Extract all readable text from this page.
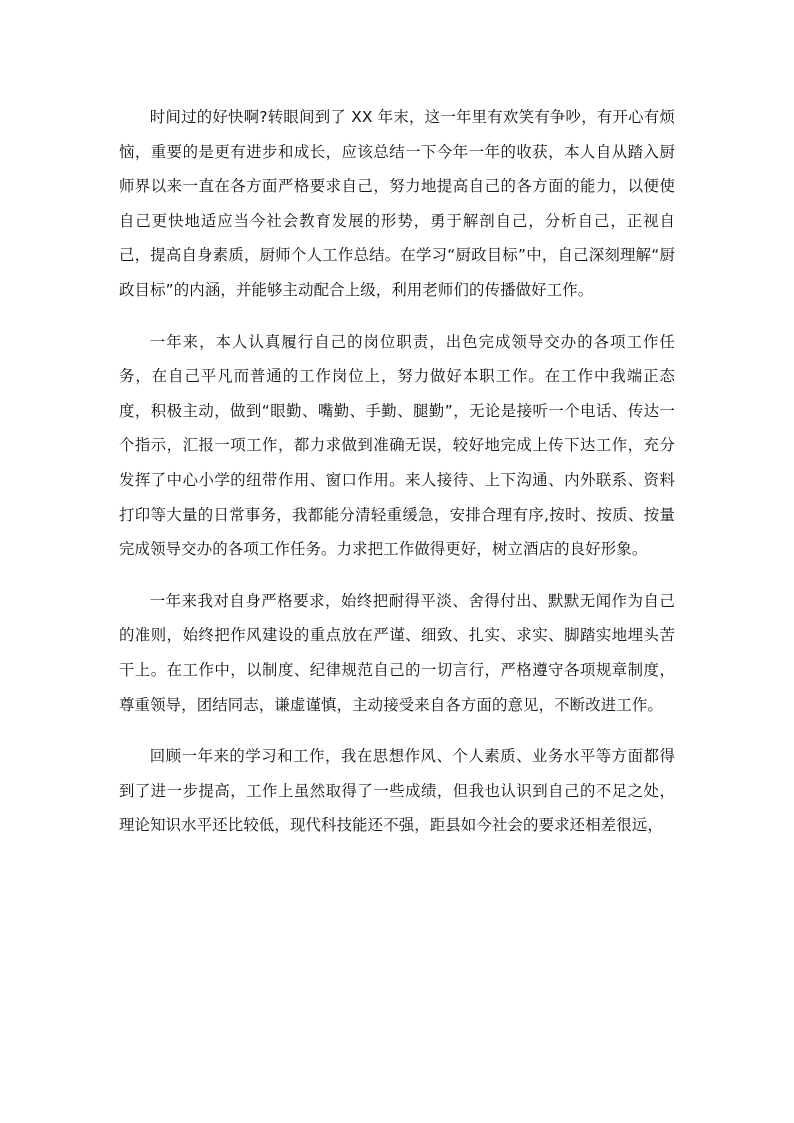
时间过的好快啊?转眼间到了 XX 年末，这一年里有欢笑有争吵，有开心有烦恼，重要的是更有进步和成长，应该总结一下今年一年的收获，本人自从踏入厨师界以来一直在各方面严格要求自己，努力地提高自己的各方面的能力，以便使自己更快地适应当今社会教育发展的形势，勇于解剖自己，分析自己，正视自己，提高自身素质，厨师个人工作总结。在学习“厨政目标”中，自己深刻理解“厨政目标”的内涵，并能够主动配合上级，利用老师们的传播做好工作。

一年来，本人认真履行自己的岗位职责，出色完成领导交办的各项工作任务，在自己平凡而普通的工作岗位上，努力做好本职工作。在工作中我端正态度，积极主动，做到“眼勤、嘴勤、手勤、腿勤”，无论是接听一个电话、传达一个指示，汇报一项工作，都力求做到准确无误，较好地完成上传下达工作，充分发挥了中心小学的纽带作用、窗口作用。来人接待、上下沟通、内外联系、资料打印等大量的日常事务，我都能分清轻重缓急，安排合理有序,按时、按质、按量完成领导交办的各项工作任务。力求把工作做得更好，树立酒店的良好形象。

一年来我对自身严格要求，始终把耐得平淡、舍得付出、默默无闻作为自己的准则，始终把作风建设的重点放在严谨、细致、扎实、求实、脚踏实地埋头苦干上。在工作中，以制度、纪律规范自己的一切言行，严格遵守各项规章制度，尊重领导，团结同志，谦虚谨慎，主动接受来自各方面的意见，不断改进工作。

回顾一年来的学习和工作，我在思想作风、个人素质、业务水平等方面都得到了进一步提高，工作上虽然取得了一些成绩，但我也认识到自己的不足之处，理论知识水平还比较低，现代科技能还不强，距县如今社会的要求还相差很远，
